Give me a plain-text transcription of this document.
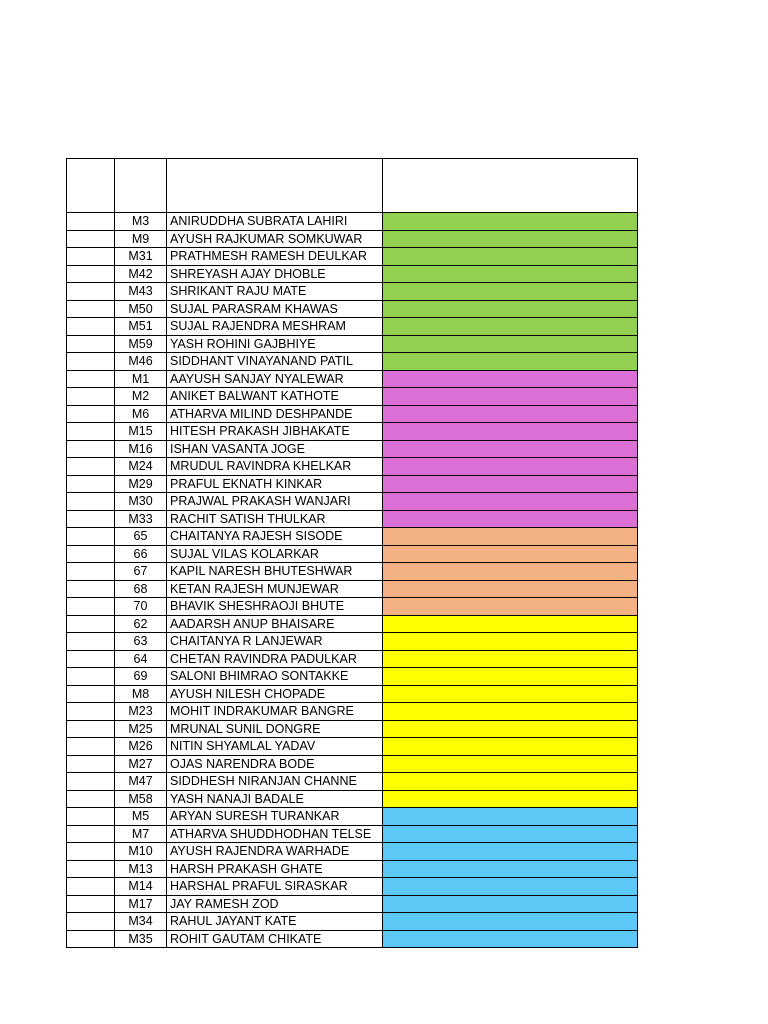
	M3	ANIRUDDHA SUBRATA LAHIRI	
	M9	AYUSH RAJKUMAR SOMKUWAR	
	M31	PRATHMESH RAMESH DEULKAR	
	M42	SHREYASH AJAY DHOBLE	
	M43	SHRIKANT RAJU MATE	
	M50	SUJAL PARASRAM KHAWAS	
	M51	SUJAL RAJENDRA MESHRAM	
	M59	YASH ROHINI GAJBHIYE	
	M46	SIDDHANT VINAYANAND PATIL	
	M1	AAYUSH SANJAY NYALEWAR	
	M2	ANIKET BALWANT KATHOTE	
	M6	ATHARVA MILIND DESHPANDE	
	M15	HITESH PRAKASH JIBHAKATE	
	M16	ISHAN VASANTA JOGE	
	M24	MRUDUL RAVINDRA KHELKAR	
	M29	PRAFUL EKNATH KINKAR	
	M30	PRAJWAL PRAKASH WANJARI	
	M33	RACHIT SATISH THULKAR	
	65	CHAITANYA RAJESH SISODE	
	66	SUJAL VILAS KOLARKAR	
	67	KAPIL NARESH BHUTESHWAR	
	68	KETAN RAJESH MUNJEWAR	
	70	BHAVIK SHESHRAOJI BHUTE	
	62	AADARSH ANUP BHAISARE	
	63	CHAITANYA R LANJEWAR	
	64	CHETAN RAVINDRA PADULKAR	
	69	SALONI BHIMRAO SONTAKKE	
	M8	AYUSH NILESH CHOPADE	
	M23	MOHIT INDRAKUMAR BANGRE	
	M25	MRUNAL SUNIL DONGRE	
	M26	NITIN SHYAMLAL YADAV	
	M27	OJAS NARENDRA BODE	
	M47	SIDDHESH NIRANJAN CHANNE	
	M58	YASH NANAJI BADALE	
	M5	ARYAN SURESH TURANKAR	
	M7	ATHARVA SHUDDHODHAN TELSE	
	M10	AYUSH RAJENDRA WARHADE	
	M13	HARSH PRAKASH GHATE	
	M14	HARSHAL PRAFUL SIRASKAR	
	M17	JAY RAMESH ZOD	
	M34	RAHUL JAYANT KATE	
	M35	ROHIT GAUTAM CHIKATE	
